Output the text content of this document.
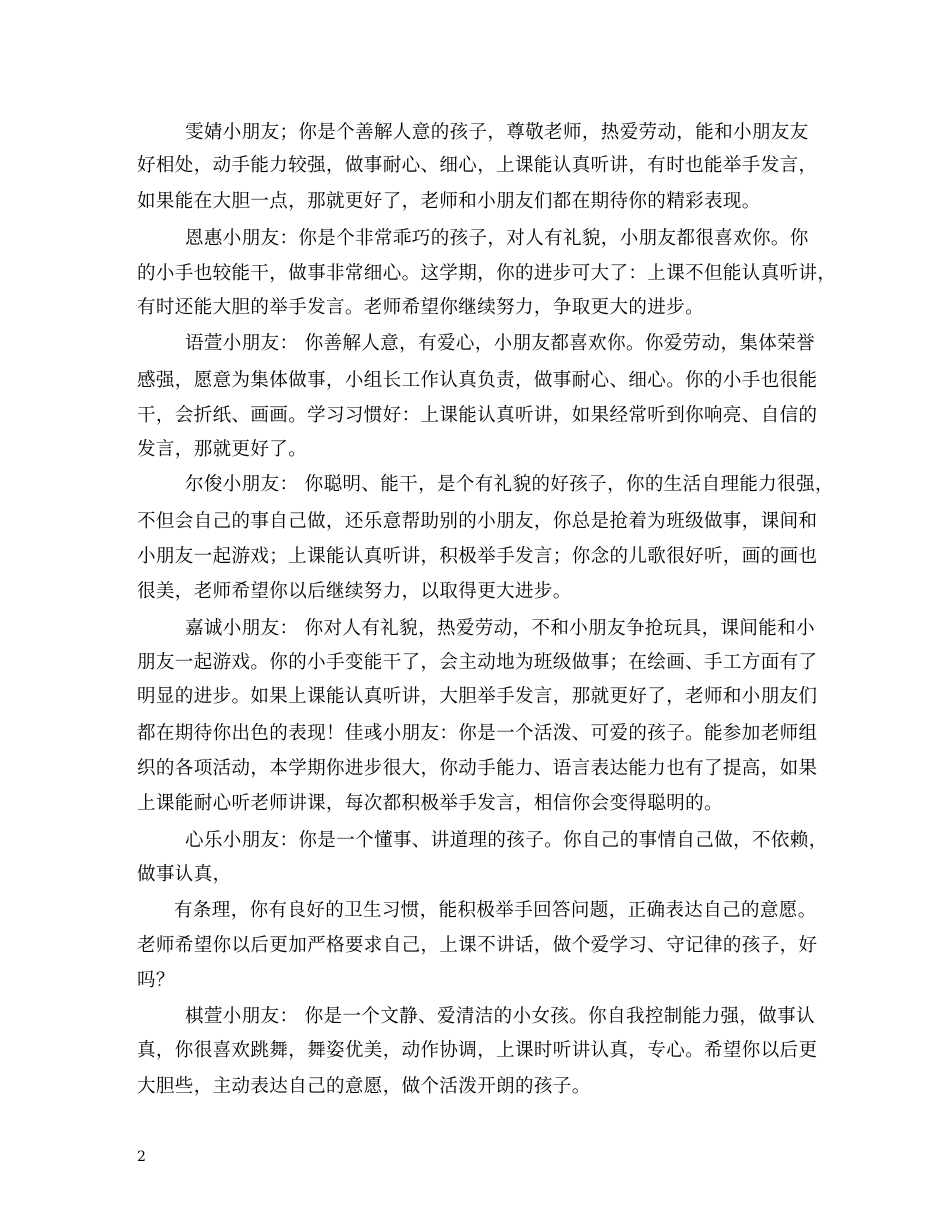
雯婧小朋友；你是个善解人意的孩子，尊敬老师，热爱劳动，能和小朋友友
好相处，动手能力较强，做事耐心、细心，上课能认真听讲，有时也能举手发言，
如果能在大胆一点，那就更好了，老师和小朋友们都在期待你的精彩表现。
恩惠小朋友：你是个非常乖巧的孩子，对人有礼貌，小朋友都很喜欢你。你
的小手也较能干，做事非常细心。这学期，你的进步可大了：上课不但能认真听讲，
有时还能大胆的举手发言。老师希望你继续努力，争取更大的进步。
语萱小朋友： 你善解人意，有爱心，小朋友都喜欢你。你爱劳动，集体荣誉
感强，愿意为集体做事，小组长工作认真负责，做事耐心、细心。你的小手也很能
干，会折纸、画画。学习习惯好：上课能认真听讲，如果经常听到你响亮、自信的
发言，那就更好了。
尔俊小朋友： 你聪明、能干，是个有礼貌的好孩子，你的生活自理能力很强，
不但会自己的事自己做，还乐意帮助别的小朋友，你总是抢着为班级做事，课间和
小朋友一起游戏；上课能认真听讲，积极举手发言；你念的儿歌很好听，画的画也
很美，老师希望你以后继续努力，以取得更大进步。
嘉诚小朋友： 你对人有礼貌，热爱劳动，不和小朋友争抢玩具，课间能和小
朋友一起游戏。你的小手变能干了，会主动地为班级做事；在绘画、手工方面有了
明显的进步。如果上课能认真听讲，大胆举手发言，那就更好了，老师和小朋友们
都在期待你出色的表现！佳彧小朋友：你是一个活泼、可爱的孩子。能参加老师组
织的各项活动，本学期你进步很大，你动手能力、语言表达能力也有了提高，如果
上课能耐心听老师讲课，每次都积极举手发言，相信你会变得聪明的。
心乐小朋友：你是一个懂事、讲道理的孩子。你自己的事情自己做，不依赖，
做事认真，
有条理，你有良好的卫生习惯，能积极举手回答问题，正确表达自己的意愿。
老师希望你以后更加严格要求自己，上课不讲话，做个爱学习、守记律的孩子，好
吗？
棋萱小朋友： 你是一个文静、爱清洁的小女孩。你自我控制能力强，做事认
真，你很喜欢跳舞，舞姿优美，动作协调，上课时听讲认真，专心。希望你以后更
大胆些，主动表达自己的意愿，做个活泼开朗的孩子。
2
